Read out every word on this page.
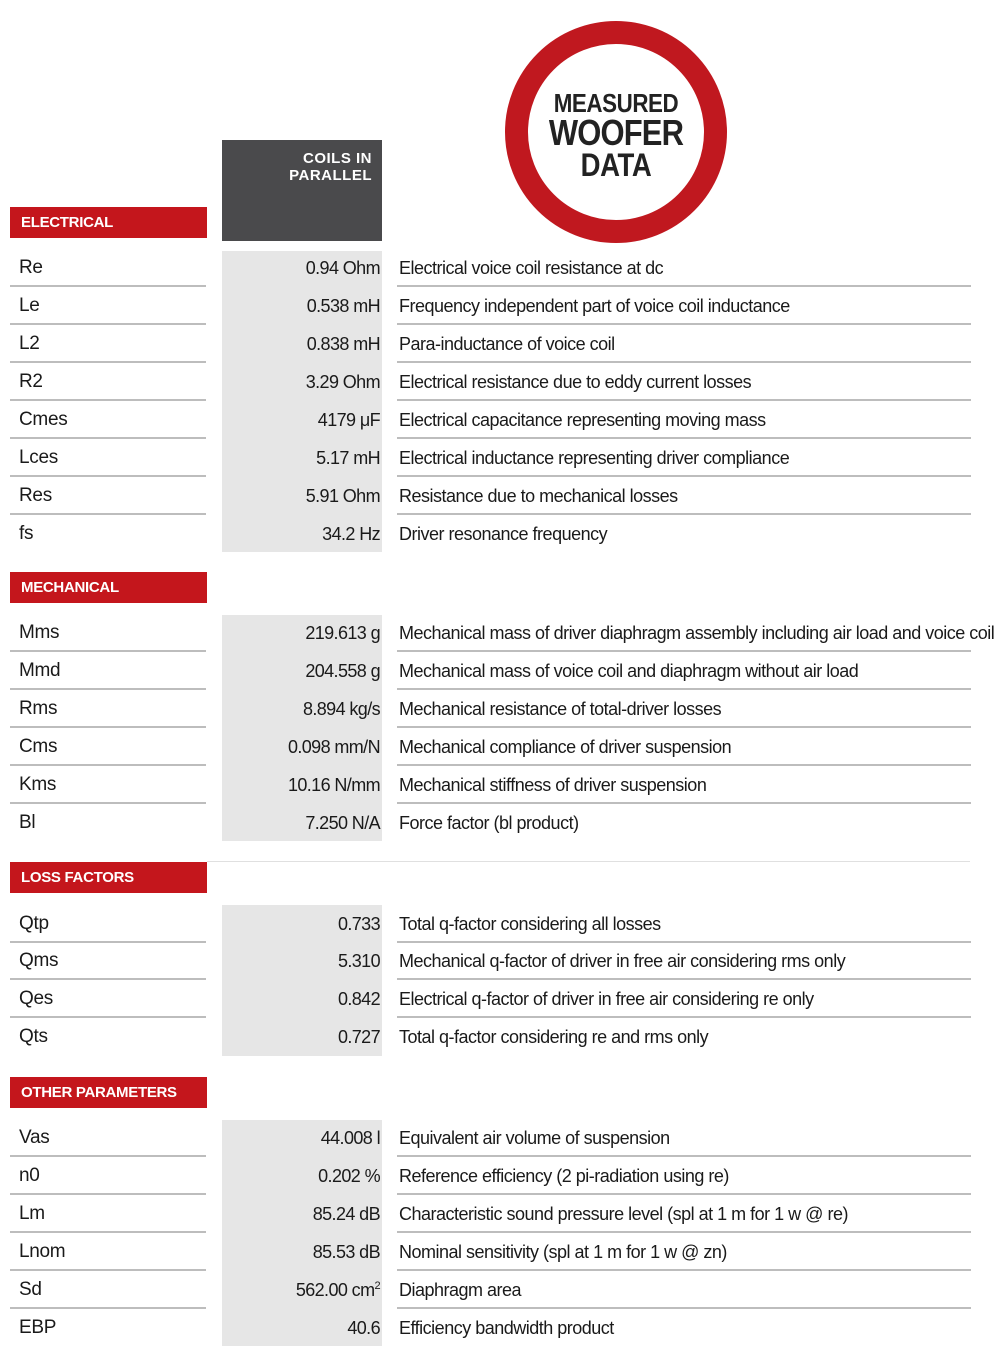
MEASURED
WOOFER
DATA
COILS IN
PARALLEL
ELECTRICAL PARAMETERS
Re	0.94 Ohm Electrical voice coil resistance at dc
Le	0.538 mH Frequency independent part of voice coil inductance
L2	0.838 mH Para-inductance of voice coil
R2	3.29 Ohm Electrical resistance due to eddy current losses
Cmes	4179 μF Electrical capacitance representing moving mass
Lces	5.17 mH Electrical inductance representing driver compliance
Res	5.91 Ohm Resistance due to mechanical losses
fs	34.2 Hz Driver resonance frequency
MECHANICAL PARAMETERS
Mms	219.613 g Mechanical mass of driver diaphragm assembly including air load and voice coil
Mmd	204.558 g Mechanical mass of voice coil and diaphragm without air load
Rms	8.894 kg/s Mechanical resistance of total-driver losses
Cms	0.098 mm/N Mechanical compliance of driver suspension
Kms	10.16 N/mm Mechanical stiffness of driver suspension
Bl	7.250 N/A Force factor (bl product)
LOSS FACTORS
Qtp	0.733 Total q-factor considering all losses
Qms	5.310 Mechanical q-factor of driver in free air considering rms only
Qes	0.842 Electrical q-factor of driver in free air considering re only
Qts	0.727 Total q-factor considering re and rms only
OTHER PARAMETERS
Vas	44.008 l Equivalent air volume of suspension
n0	0.202 % Reference efficiency (2 pi-radiation using re)
Lm	85.24 dB Characteristic sound pressure level (spl at 1 m for 1 w @ re)
Lnom	85.53 dB Nominal sensitivity (spl at 1 m for 1 w @ zn)
Sd	562.00 $cm^2$ Diaphragm area
EBP	40.6 Efficiency bandwidth product
